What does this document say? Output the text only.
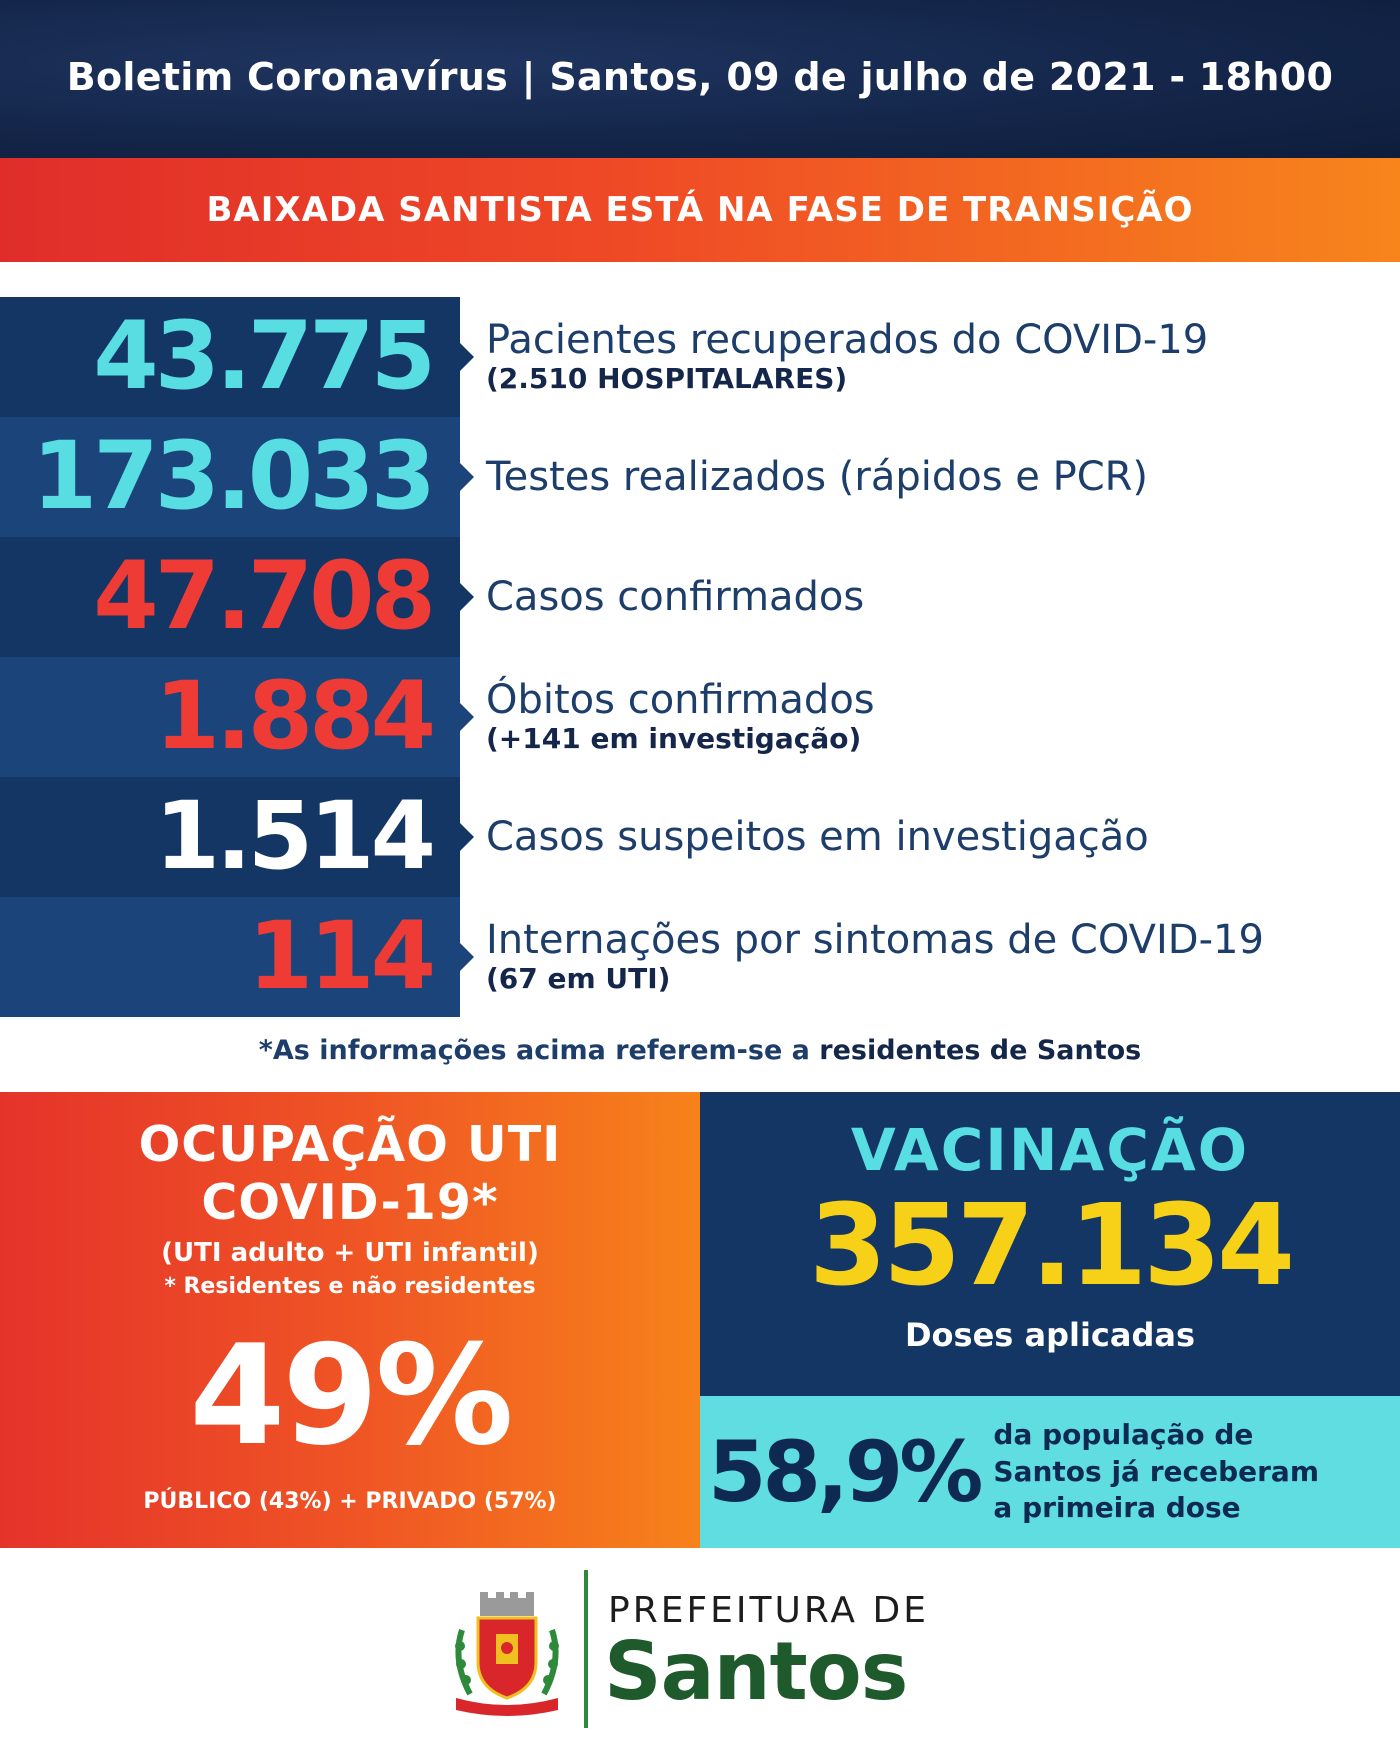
Boletim Coronavírus | Santos, 09 de julho de 2021 - 18h00
BAIXADA SANTISTA ESTÁ NA FASE DE TRANSIÇÃO
43.775 Pacientes recuperados do COVID-19
(2.510 HOSPITALARES)
173.033 Testes realizados (rápidos e PCR)
47.708 Casos confirmados
1.884 Óbitos confirmados
(+141 em investigação)
1.514 Casos suspeitos em investigação
114 Internações por sintomas de COVID-19
(67 em UTI)
*As informações acima referem-se a residentes de Santos
OCUPAÇÃO UTI
COVID-19*
(UTI adulto + UTI infantil)
* Residentes e não residentes
49%
PÚBLICO (43%) + PRIVADO (57%)
VACINAÇÃO
357.134
Doses aplicadas
58,9% da população de
Santos já receberam
a primeira dose
PREFEITURA DE
Santos
